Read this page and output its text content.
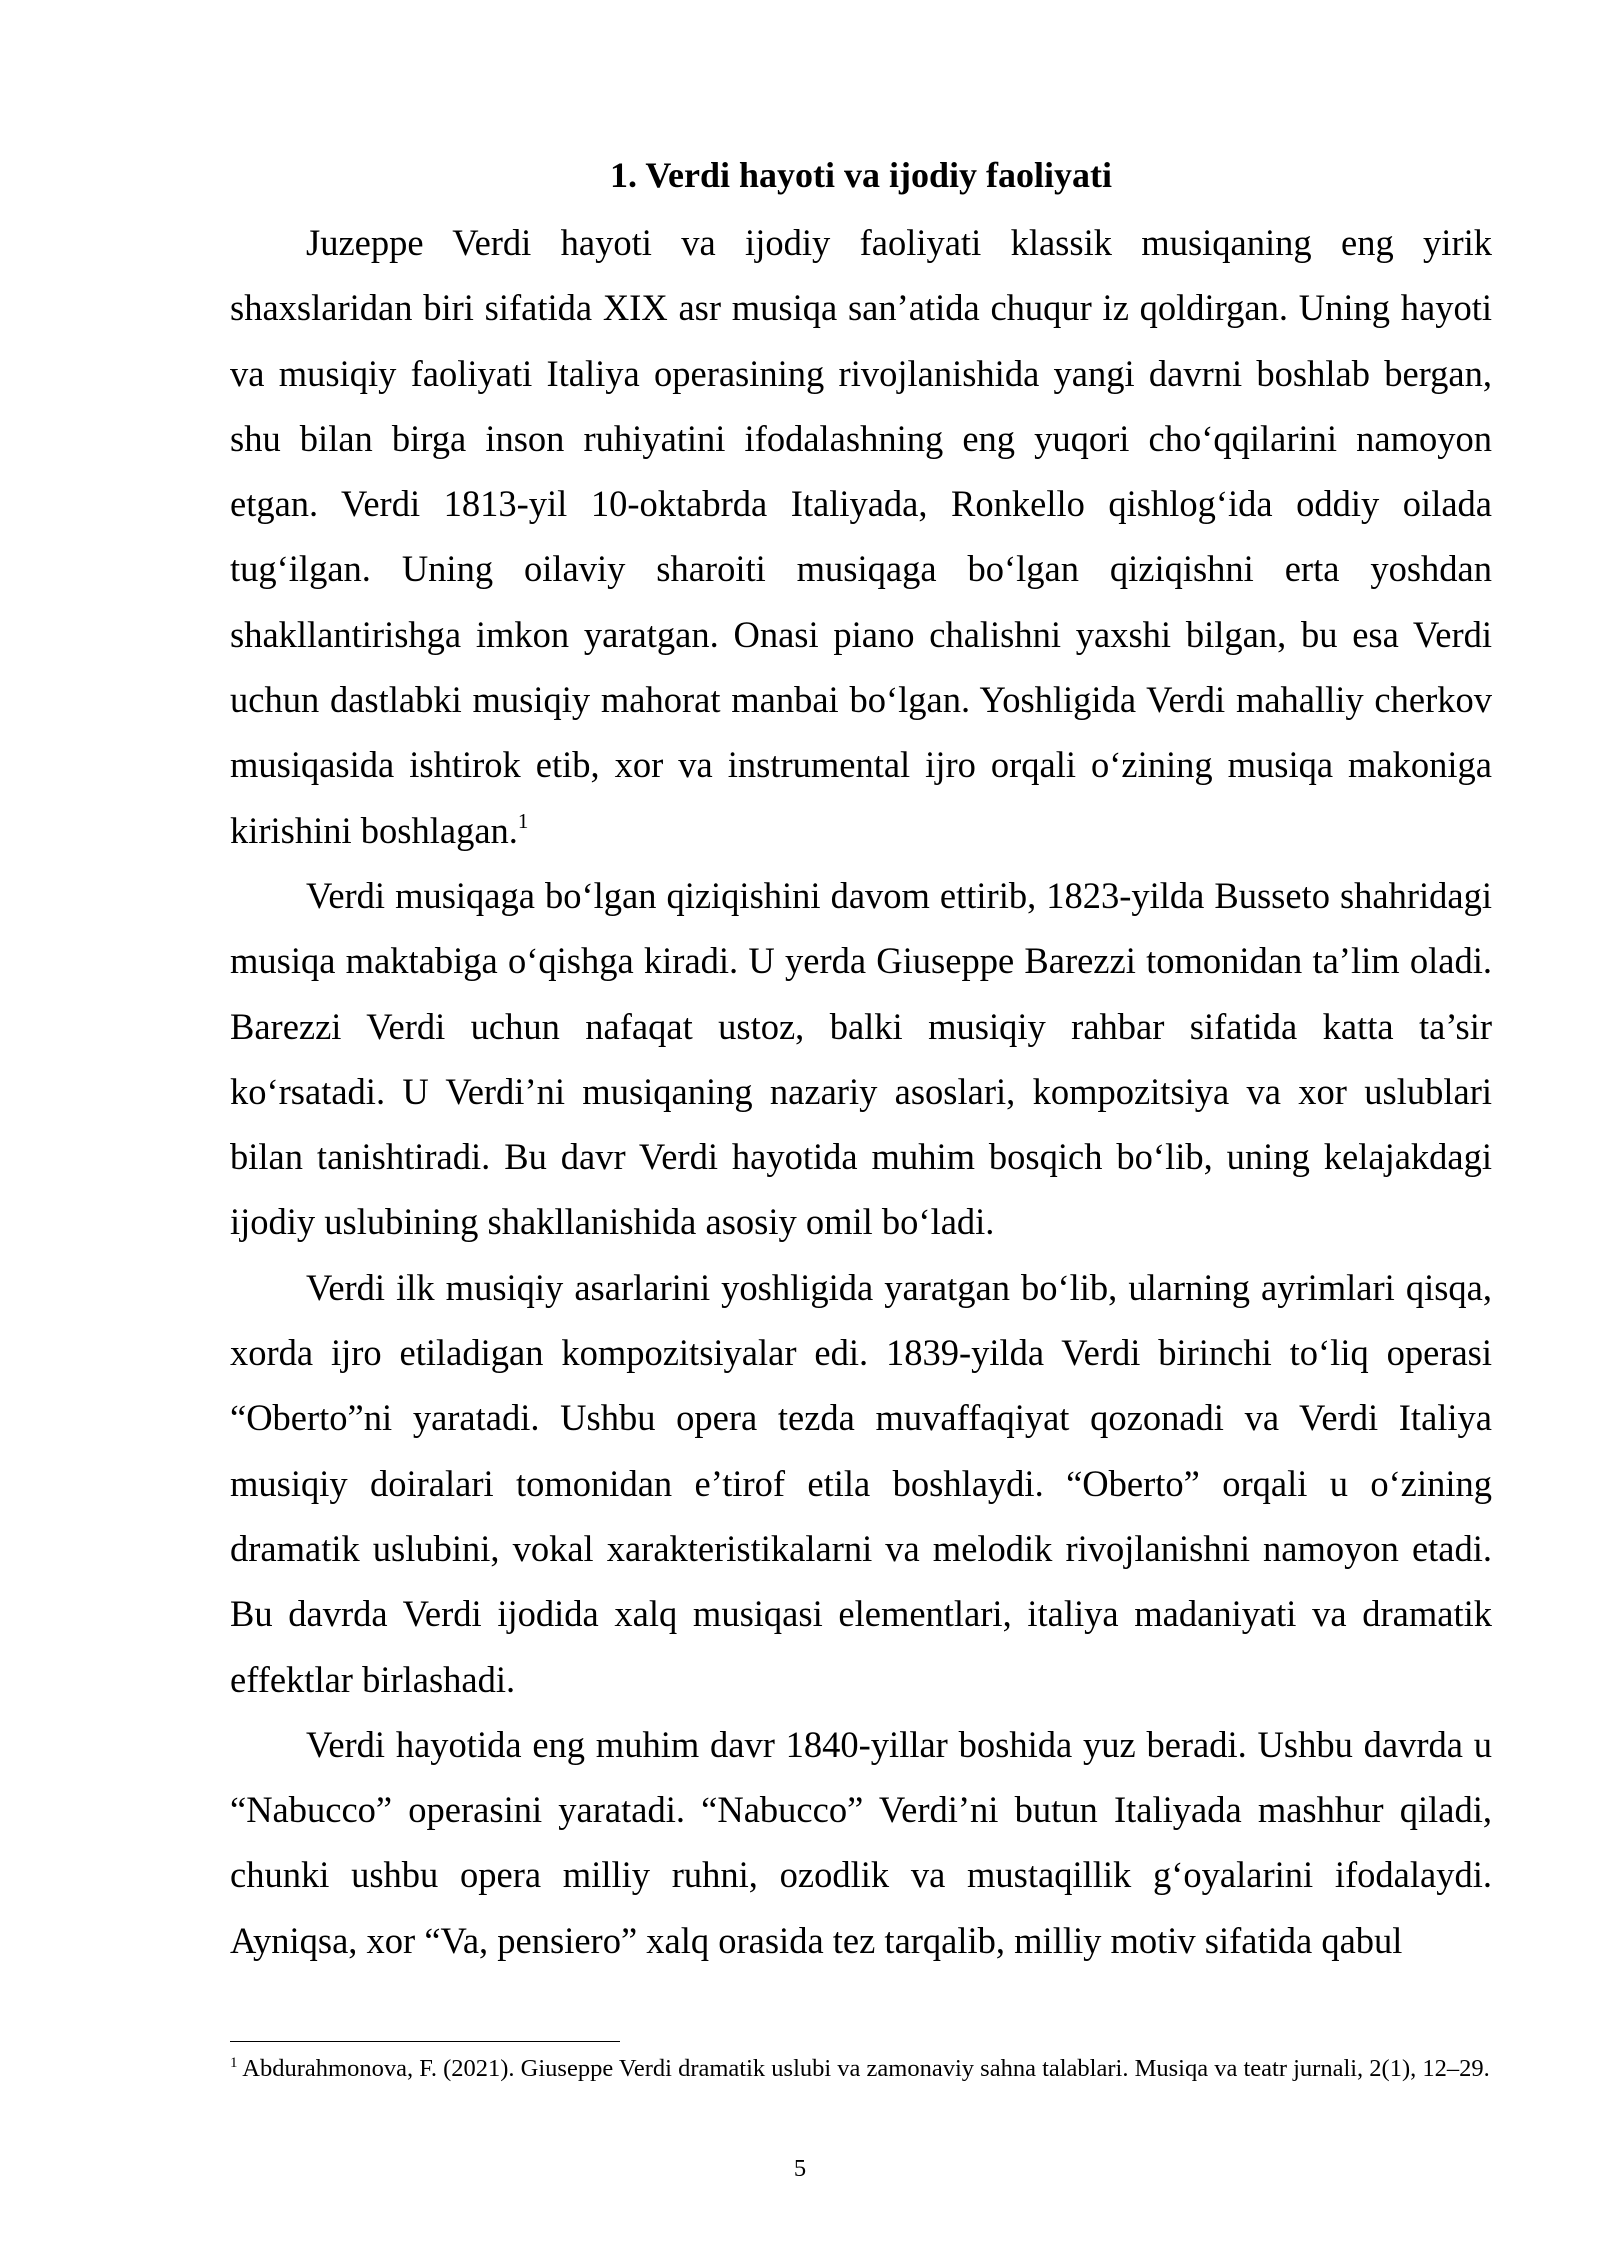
1. Verdi hayoti va ijodiy faoliyati

Juzeppe Verdi hayoti va ijodiy faoliyati klassik musiqaning eng yirik shaxslaridan biri sifatida XIX asr musiqa san’atida chuqur iz qoldirgan. Uning hayoti va musiqiy faoliyati Italiya operasining rivojlanishida yangi davrni boshlab bergan, shu bilan birga inson ruhiyatini ifodalashning eng yuqori cho‘qqilarini namoyon etgan. Verdi 1813-yil 10-oktabrda Italiyada, Ronkello qishlog‘ida oddiy oilada tug‘ilgan. Uning oilaviy sharoiti musiqaga bo‘lgan qiziqishni erta yoshdan shakllantirishga imkon yaratgan. Onasi piano chalishni yaxshi bilgan, bu esa Verdi uchun dastlabki musiqiy mahorat manbai bo‘lgan. Yoshligida Verdi mahalliy cherkov musiqasida ishtirok etib, xor va instrumental ijro orqali o‘zining musiqa makoniga kirishini boshlagan.$^1$

Verdi musiqaga bo‘lgan qiziqishini davom ettirib, 1823-yilda Busseto shahridagi musiqa maktabiga o‘qishga kiradi. U yerda Giuseppe Barezzi tomonidan ta’lim oladi. Barezzi Verdi uchun nafaqat ustoz, balki musiqiy rahbar sifatida katta ta’sir ko‘rsatadi. U Verdi’ni musiqaning nazariy asoslari, kompozitsiya va xor uslublari bilan tanishtiradi. Bu davr Verdi hayotida muhim bosqich bo‘lib, uning kelajakdagi ijodiy uslubining shakllanishida asosiy omil bo‘ladi.

Verdi ilk musiqiy asarlarini yoshligida yaratgan bo‘lib, ularning ayrimlari qisqa, xorda ijro etiladigan kompozitsiyalar edi. 1839-yilda Verdi birinchi to‘liq operasi “Oberto”ni yaratadi. Ushbu opera tezda muvaffaqiyat qozonadi va Verdi Italiya musiqiy doiralari tomonidan e’tirof etila boshlaydi. “Oberto” orqali u o‘zining dramatik uslubini, vokal xarakteristikalarni va melodik rivojlanishni namoyon etadi. Bu davrda Verdi ijodida xalq musiqasi elementlari, italiya madaniyati va dramatik effektlar birlashadi.

Verdi hayotida eng muhim davr 1840-yillar boshida yuz beradi. Ushbu davrda u “Nabucco” operasini yaratadi. “Nabucco” Verdi’ni butun Italiyada mashhur qiladi, chunki ushbu opera milliy ruhni, ozodlik va mustaqillik g‘oyalarini ifodalaydi. Ayniqsa, xor “Va, pensiero” xalq orasida tez tarqalib, milliy motiv sifatida qabul

$^1$ Abdurahmonova, F. (2021). Giuseppe Verdi dramatik uslubi va zamonaviy sahna talablari. Musiqa va teatr jurnali, 2(1), 12–29.

5
